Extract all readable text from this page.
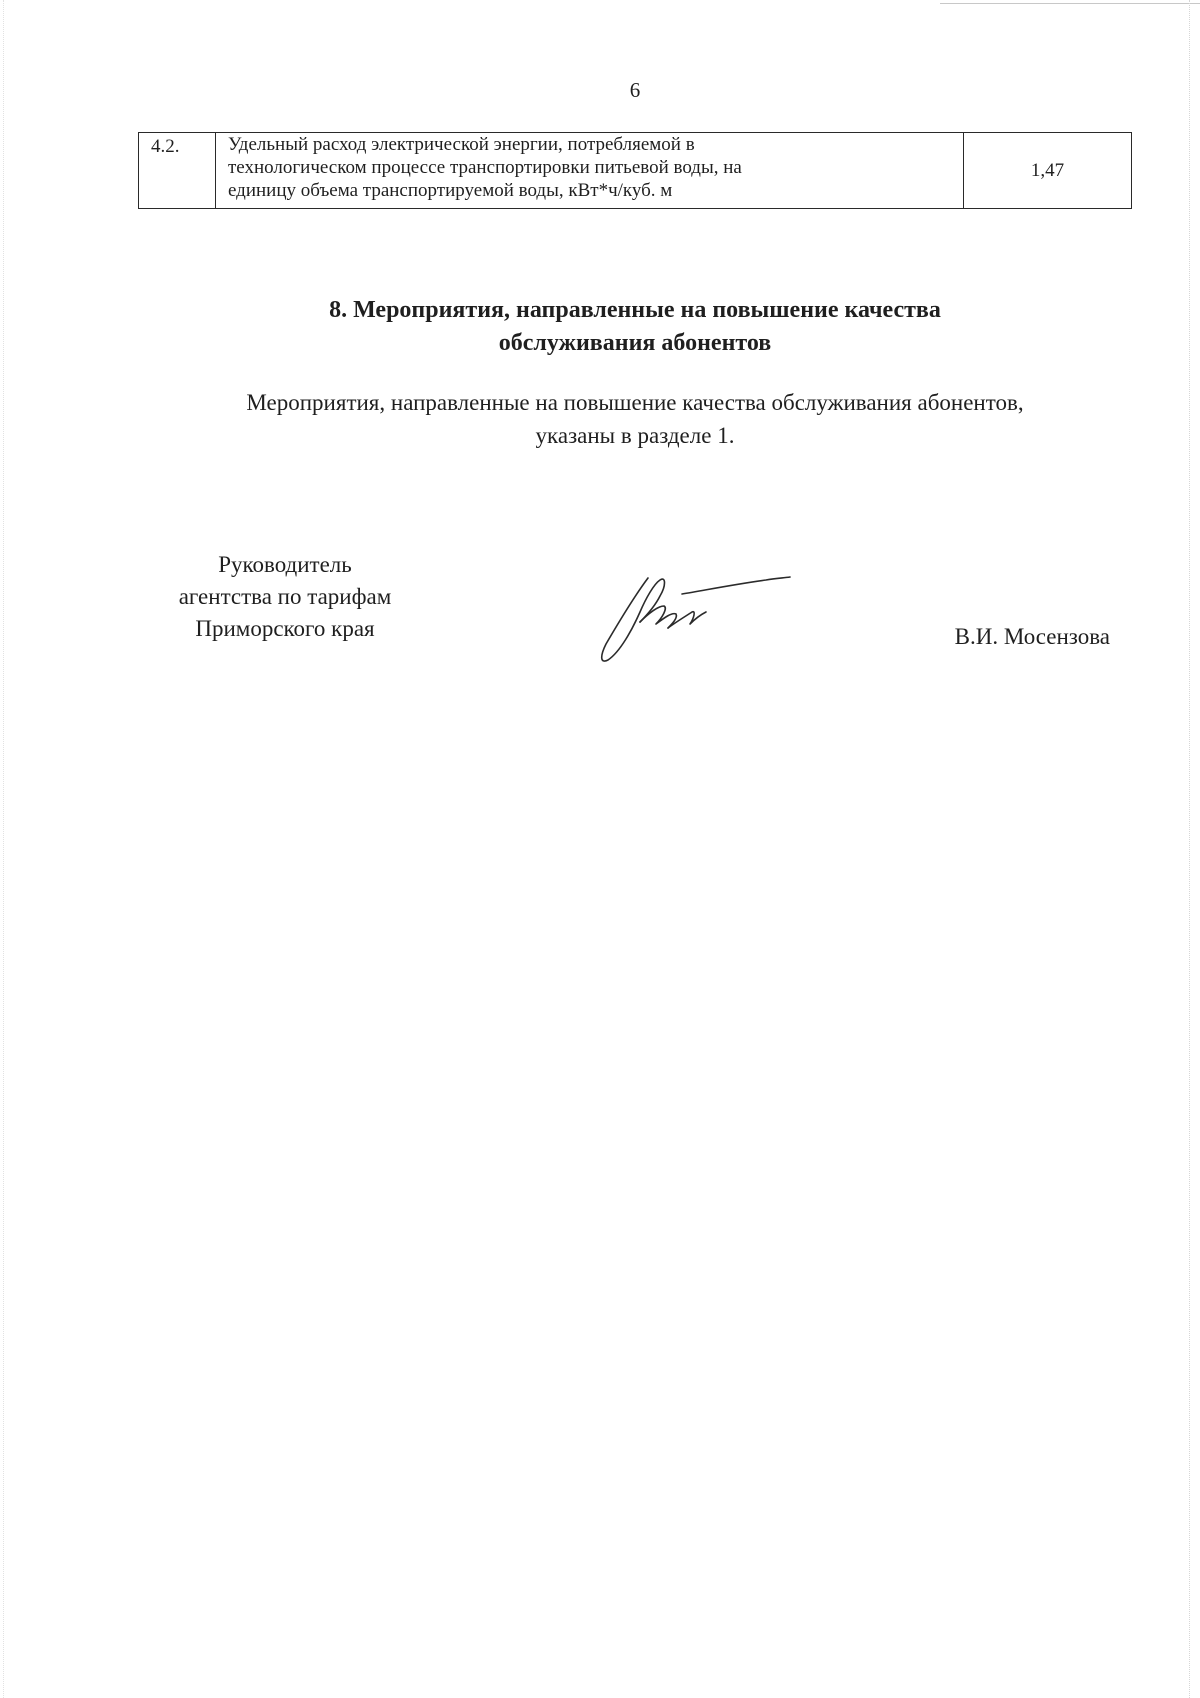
6
4.2.	Удельный расход электрической энергии, потребляемой в
технологическом процессе транспортировки питьевой воды, на
единицу объема транспортируемой воды, кВт*ч/куб. м
	1,47
8. Мероприятия, направленные на повышение качества
обслуживания абонентов
Мероприятия, направленные на повышение качества обслуживания абонентов,
указаны в разделе 1.
Руководитель
агентства по тарифам
Приморского края	В.И. Мосензова
